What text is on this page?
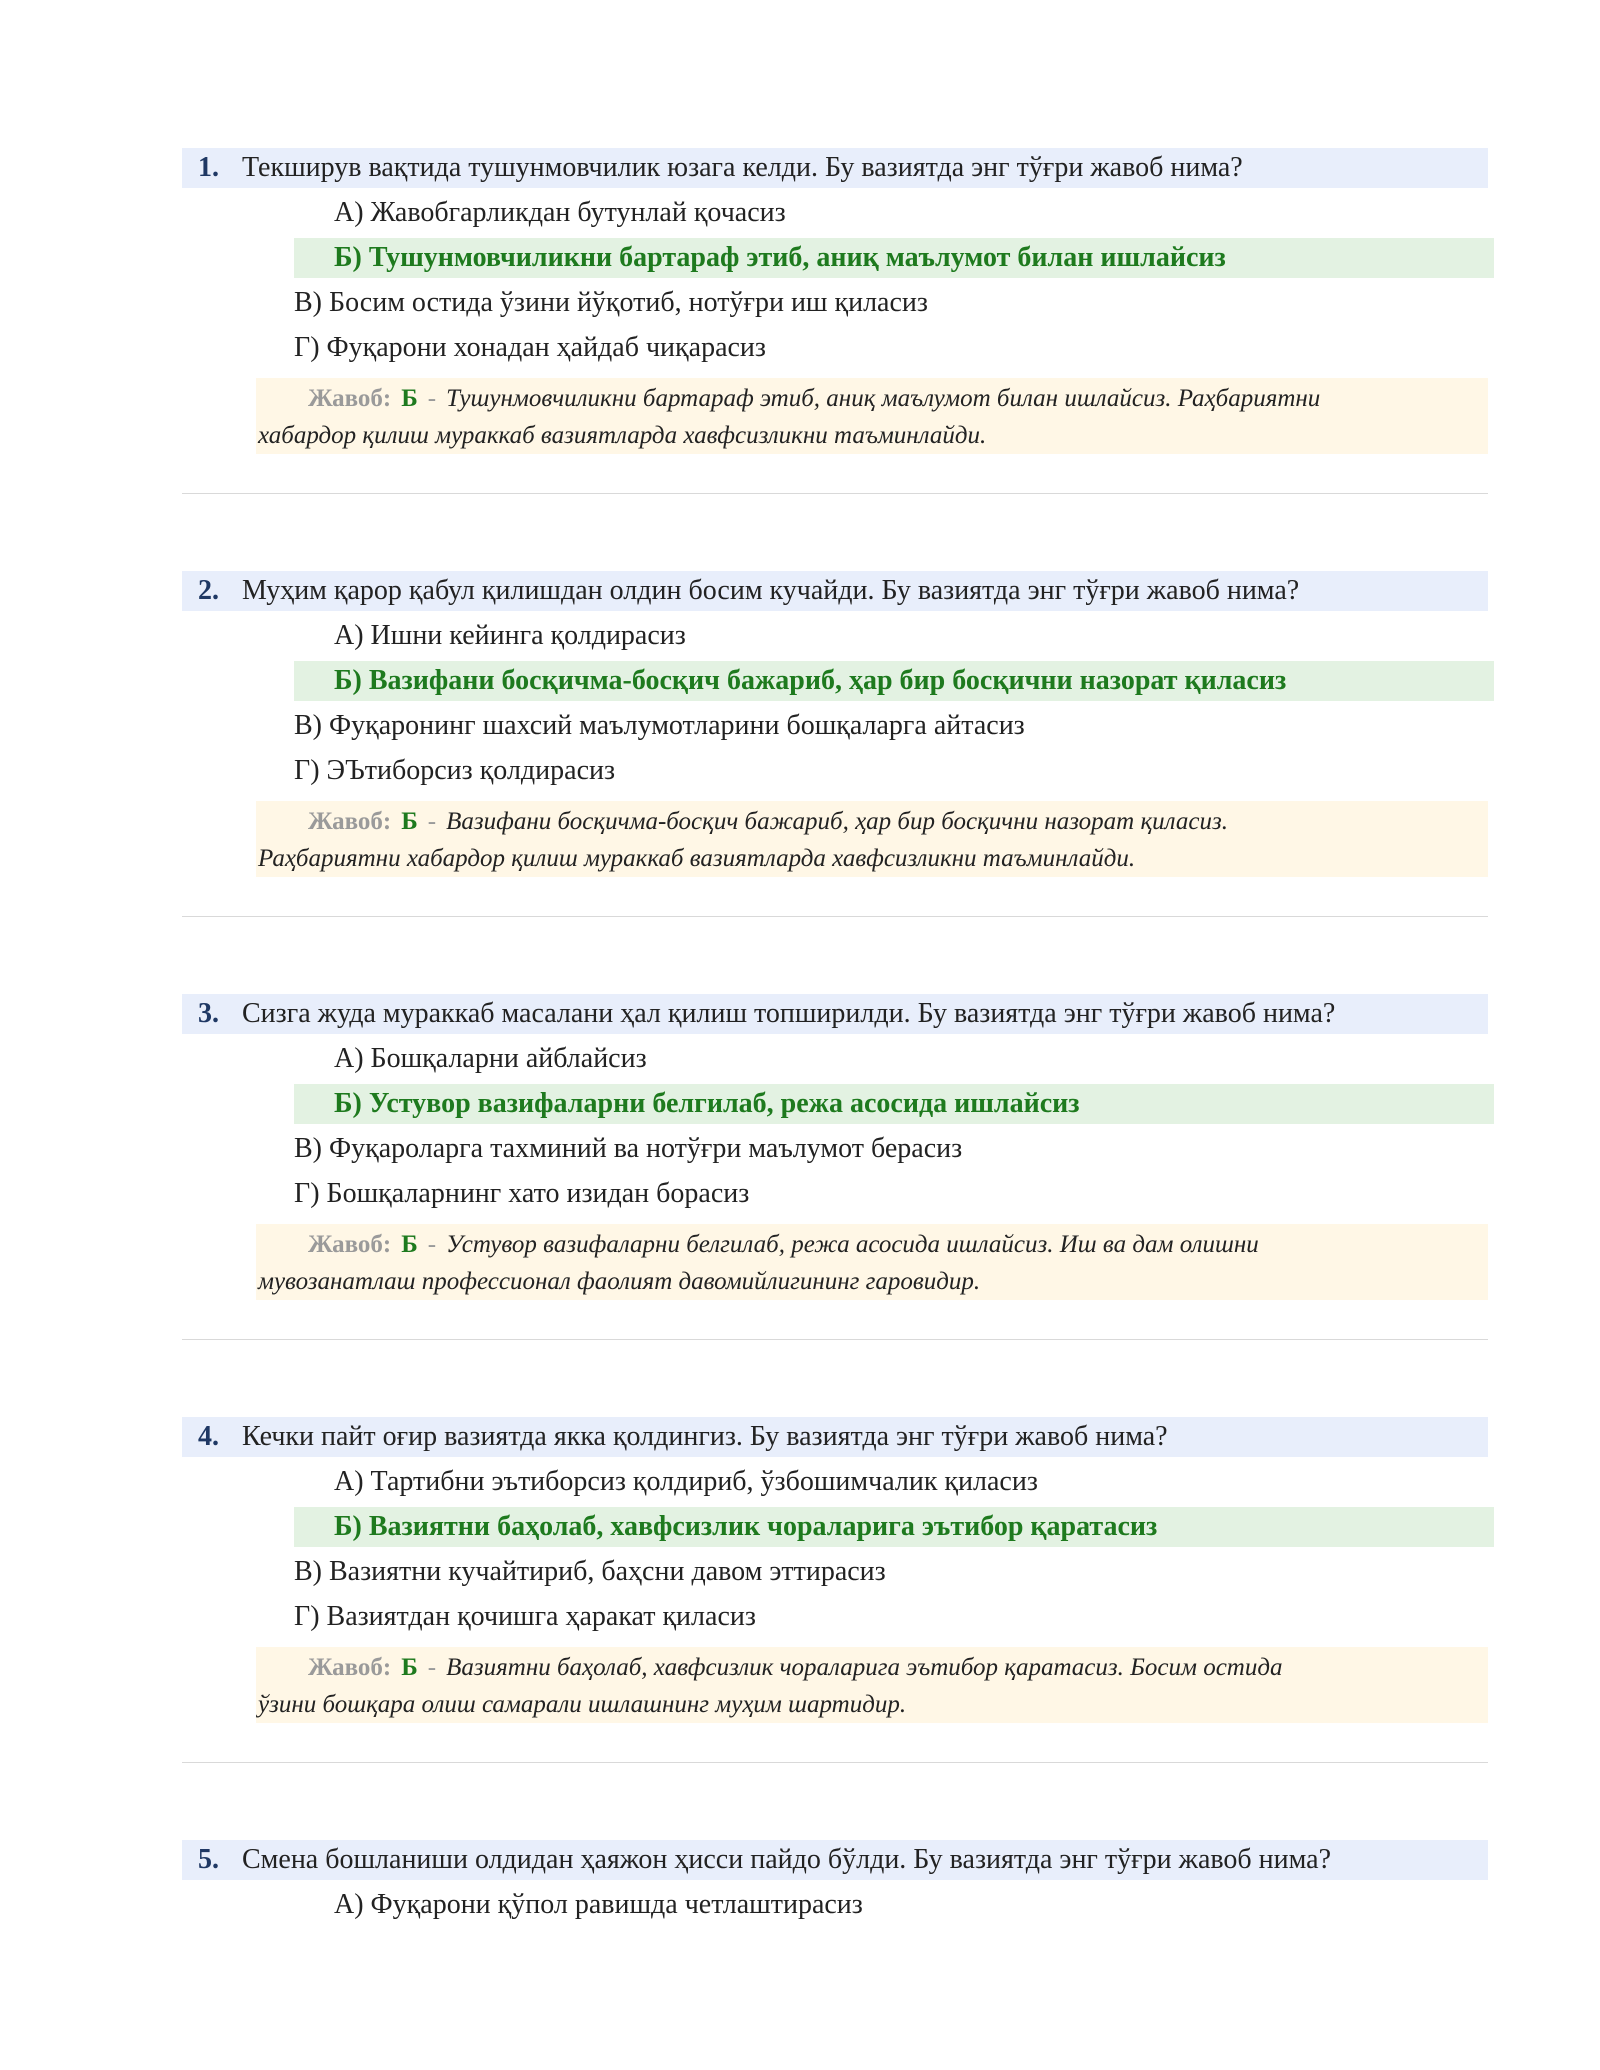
1. Текширув вақтида тушунмовчилик юзага келди. Бу вазиятда энг тўғри жавоб нима?
А) Жавобгарликдан бутунлай қочасиз
Б) Тушунмовчиликни бартараф этиб, аниқ маълумот билан ишлайсиз
В) Босим остида ўзини йўқотиб, нотўғри иш қиласиз
Г) Фуқарони хонадан ҳайдаб чиқарасиз
Жавоб: Б - Тушунмовчиликни бартараф этиб, аниқ маълумот билан ишлайсиз. Раҳбариятни
хабардор қилиш мураккаб вазиятларда хавфсизликни таъминлайди.
2. Муҳим қарор қабул қилишдан олдин босим кучайди. Бу вазиятда энг тўғри жавоб нима?
А) Ишни кейинга қолдирасиз
Б) Вазифани босқичма-босқич бажариб, ҳар бир босқични назорат қиласиз
В) Фуқаронинг шахсий маълумотларини бошқаларга айтасиз
Г) ЭЪтиборсиз қолдирасиз
Жавоб: Б - Вазифани босқичма-босқич бажариб, ҳар бир босқични назорат қиласиз.
Раҳбариятни хабардор қилиш мураккаб вазиятларда хавфсизликни таъминлайди.
3. Сизга жуда мураккаб масалани ҳал қилиш топширилди. Бу вазиятда энг тўғри жавоб нима?
А) Бошқаларни айблайсиз
Б) Устувор вазифаларни белгилаб, режа асосида ишлайсиз
В) Фуқароларга тахминий ва нотўғри маълумот берасиз
Г) Бошқаларнинг хато изидан борасиз
Жавоб: Б - Устувор вазифаларни белгилаб, режа асосида ишлайсиз. Иш ва дам олишни
мувозанатлаш профессионал фаолият давомийлигининг гаровидир.
4. Кечки пайт оғир вазиятда якка қолдингиз. Бу вазиятда энг тўғри жавоб нима?
А) Тартибни эътиборсиз қолдириб, ўзбошимчалик қиласиз
Б) Вазиятни баҳолаб, хавфсизлик чораларига эътибор қаратасиз
В) Вазиятни кучайтириб, баҳсни давом эттирасиз
Г) Вазиятдан қочишга ҳаракат қиласиз
Жавоб: Б - Вазиятни баҳолаб, хавфсизлик чораларига эътибор қаратасиз. Босим остида
ўзини бошқара олиш самарали ишлашнинг муҳим шартидир.
5. Смена бошланиши олдидан ҳаяжон ҳисси пайдо бўлди. Бу вазиятда энг тўғри жавоб нима?
А) Фуқарони қўпол равишда четлаштирасиз
